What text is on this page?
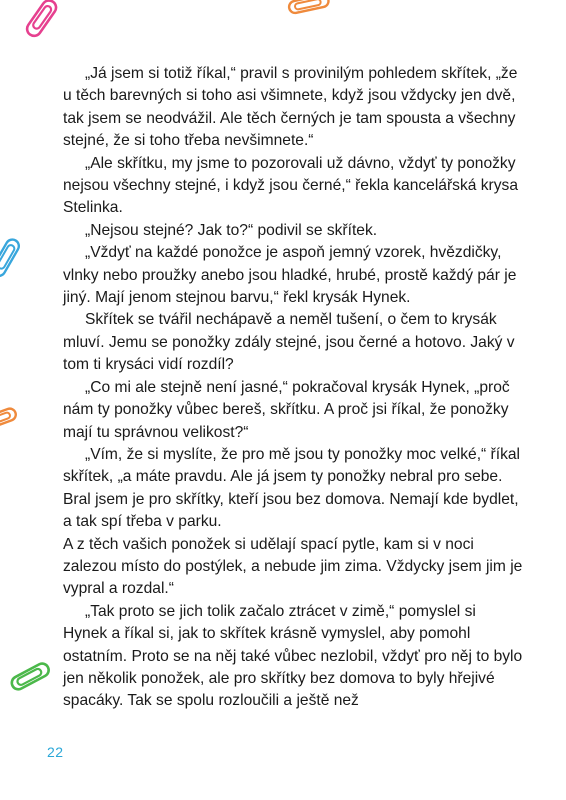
„Já jsem si totiž říkal,“ pravil s provinilým pohledem skřítek, „že u těch barevných si toho asi všimnete, když jsou vždycky jen dvě, tak jsem se neodvážil. Ale těch černých je tam spousta a všechny stejné, že si toho třeba nevšimnete.“

„Ale skřítku, my jsme to pozorovali už dávno, vždyť ty ponožky nejsou všechny stejné, i když jsou černé,“ řekla kancelářská krysa Stelinka.

„Nejsou stejné? Jak to?“ podivil se skřítek.

„Vždyť na každé ponožce je aspoň jemný vzorek, hvězdičky, vlnky nebo proužky anebo jsou hladké, hrubé, prostě každý pár je jiný. Mají jenom stejnou barvu,“ řekl krysák Hynek.

Skřítek se tvářil nechápavě a neměl tušení, o čem to krysák mluví. Jemu se ponožky zdály stejné, jsou černé a hotovo. Jaký v tom ti krysáci vidí rozdíl?

„Co mi ale stejně není jasné,“ pokračoval krysák Hynek, „proč nám ty ponožky vůbec bereš, skřítku. A proč jsi říkal, že ponožky mají tu správnou velikost?“

„Vím, že si myslíte, že pro mě jsou ty ponožky moc velké,“ říkal skřítek, „a máte pravdu. Ale já jsem ty ponožky nebral pro sebe. Bral jsem je pro skřítky, kteří jsou bez domova. Nemají kde bydlet, a tak spí třeba v parku.

A z těch vašich ponožek si udělají spací pytle, kam si v noci zalezou místo do postýlek, a nebude jim zima. Vždycky jsem jim je vypral a rozdal.“

„Tak proto se jich tolik začalo ztrácet v zimě,“ pomyslel si Hynek a říkal si, jak to skřítek krásně vymyslel, aby pomohl ostatním. Proto se na něj také vůbec nezlobil, vždyť pro něj to bylo jen několik ponožek, ale pro skřítky bez domova to byly hřejivé spacáky. Tak se spolu rozloučili a ještě než

22
